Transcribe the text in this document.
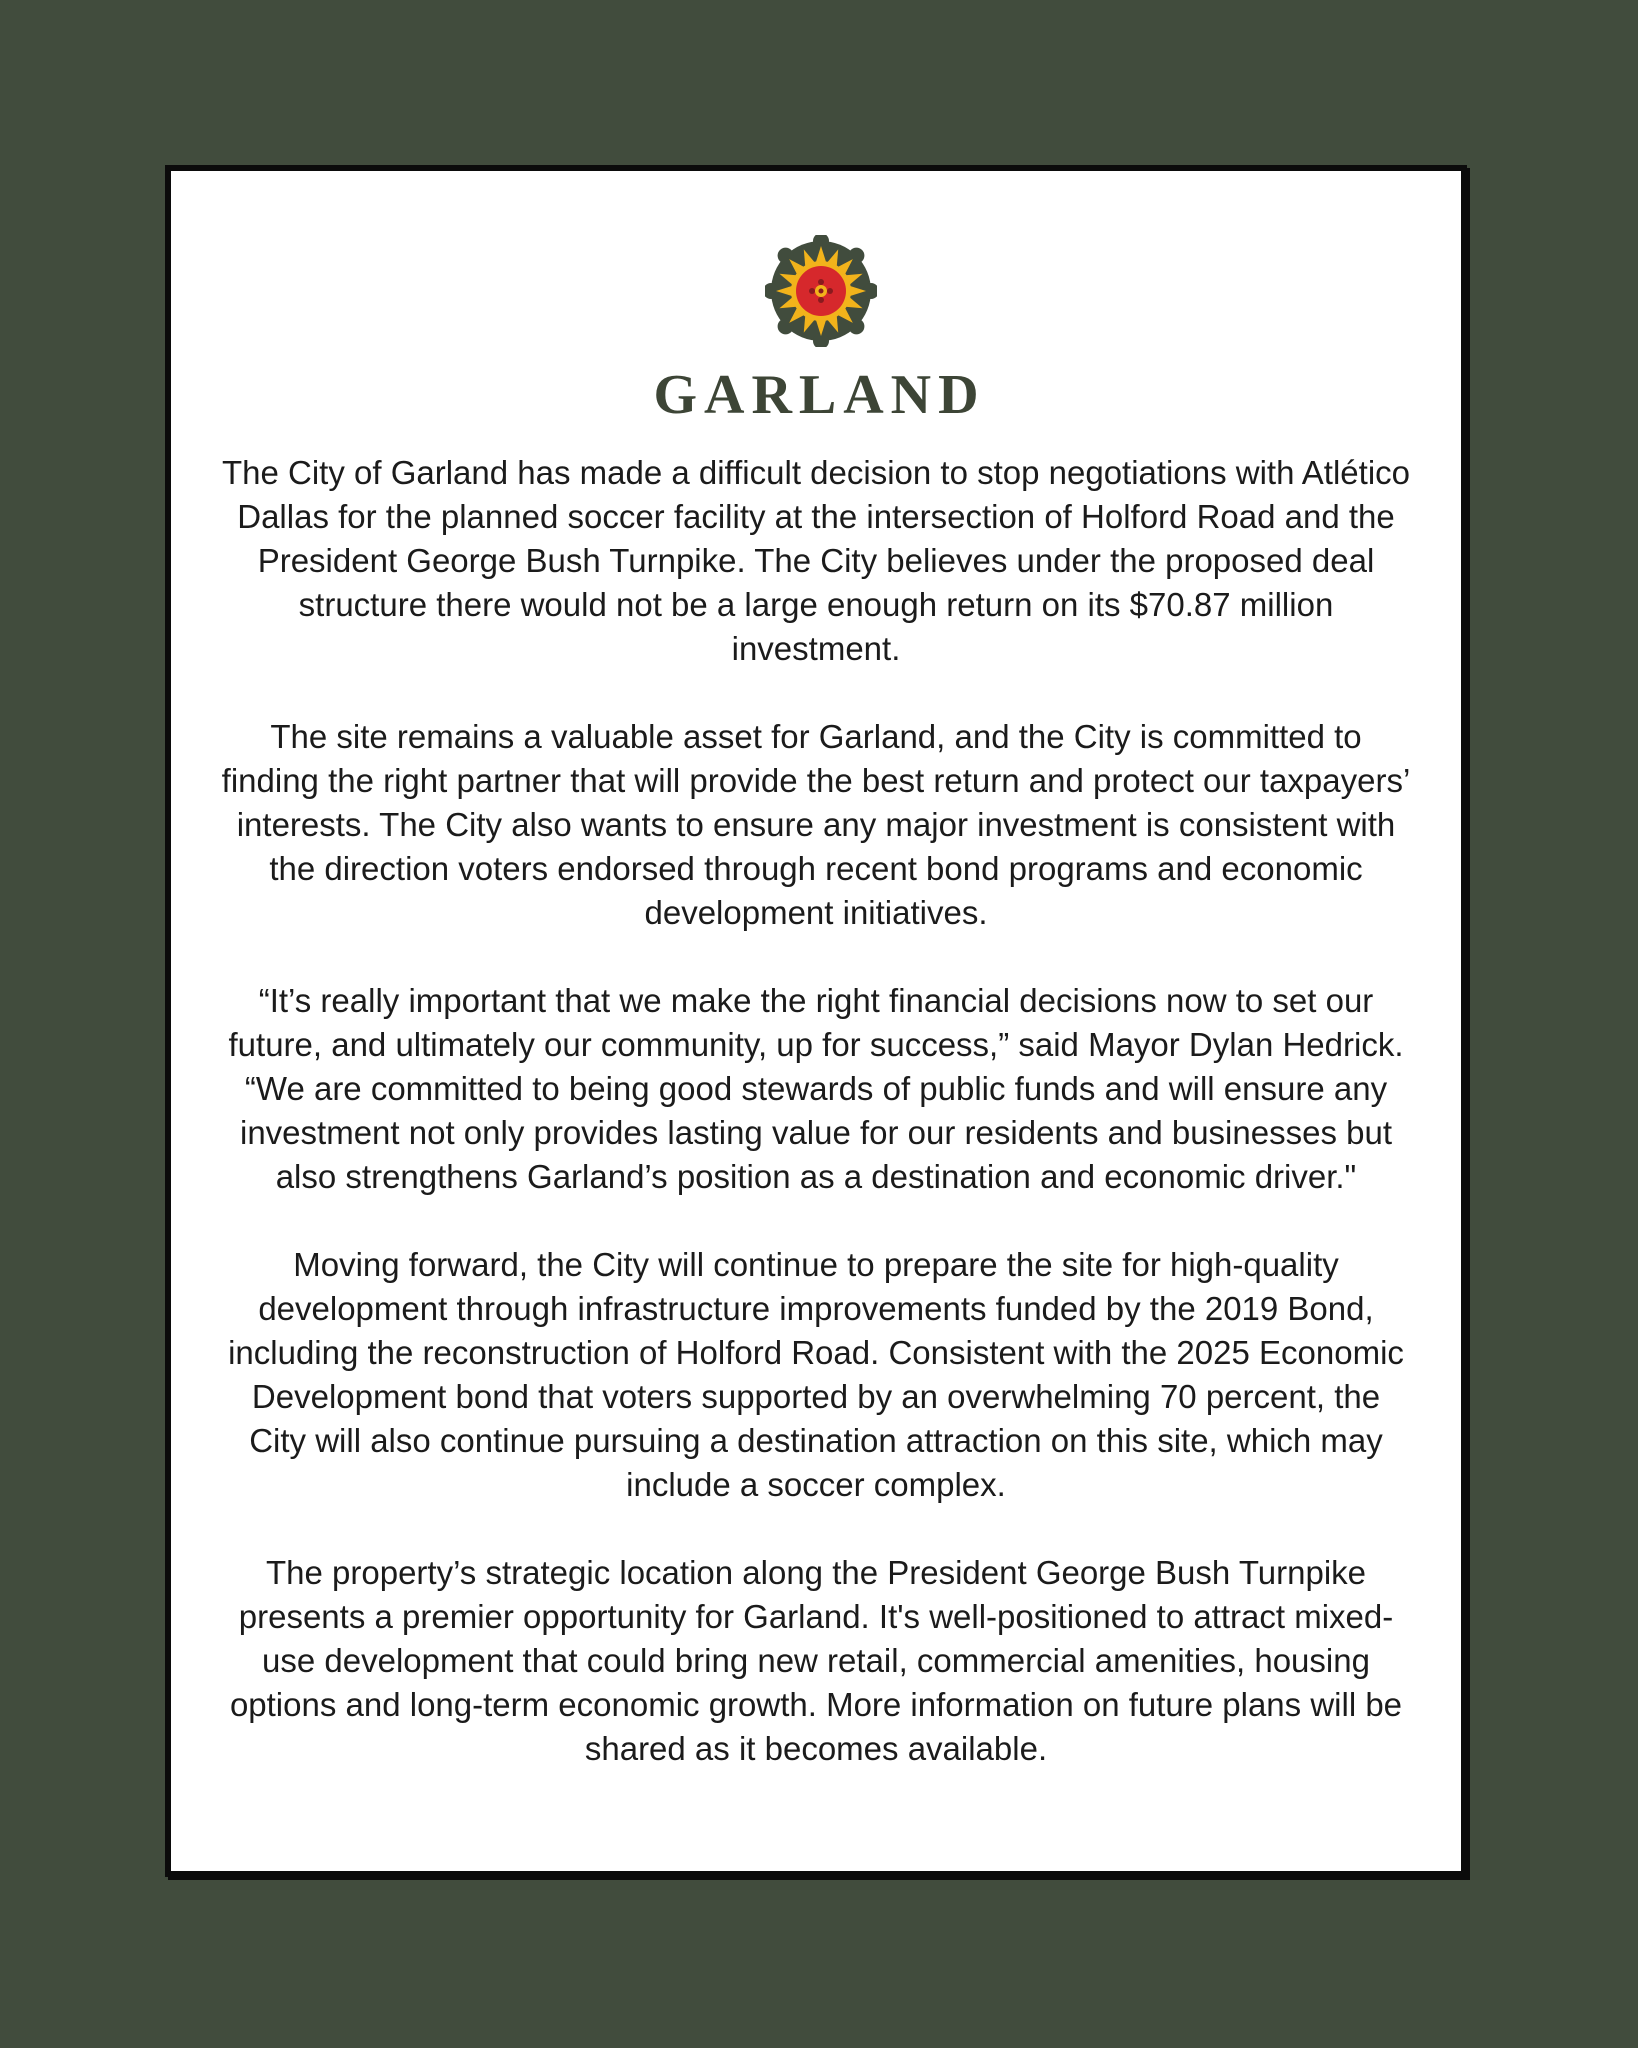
GARLAND

The City of Garland has made a difficult decision to stop negotiations with Atlético Dallas for the planned soccer facility at the intersection of Holford Road and the President George Bush Turnpike. The City believes under the proposed deal structure there would not be a large enough return on its $70.87 million investment.

The site remains a valuable asset for Garland, and the City is committed to finding the right partner that will provide the best return and protect our taxpayers’ interests. The City also wants to ensure any major investment is consistent with the direction voters endorsed through recent bond programs and economic development initiatives.

“It’s really important that we make the right financial decisions now to set our future, and ultimately our community, up for success,” said Mayor Dylan Hedrick. “We are committed to being good stewards of public funds and will ensure any investment not only provides lasting value for our residents and businesses but also strengthens Garland’s position as a destination and economic driver."

Moving forward, the City will continue to prepare the site for high-quality development through infrastructure improvements funded by the 2019 Bond, including the reconstruction of Holford Road. Consistent with the 2025 Economic Development bond that voters supported by an overwhelming 70 percent, the City will also continue pursuing a destination attraction on this site, which may include a soccer complex.

The property’s strategic location along the President George Bush Turnpike presents a premier opportunity for Garland. It's well-positioned to attract mixed-use development that could bring new retail, commercial amenities, housing options and long-term economic growth. More information on future plans will be shared as it becomes available.
